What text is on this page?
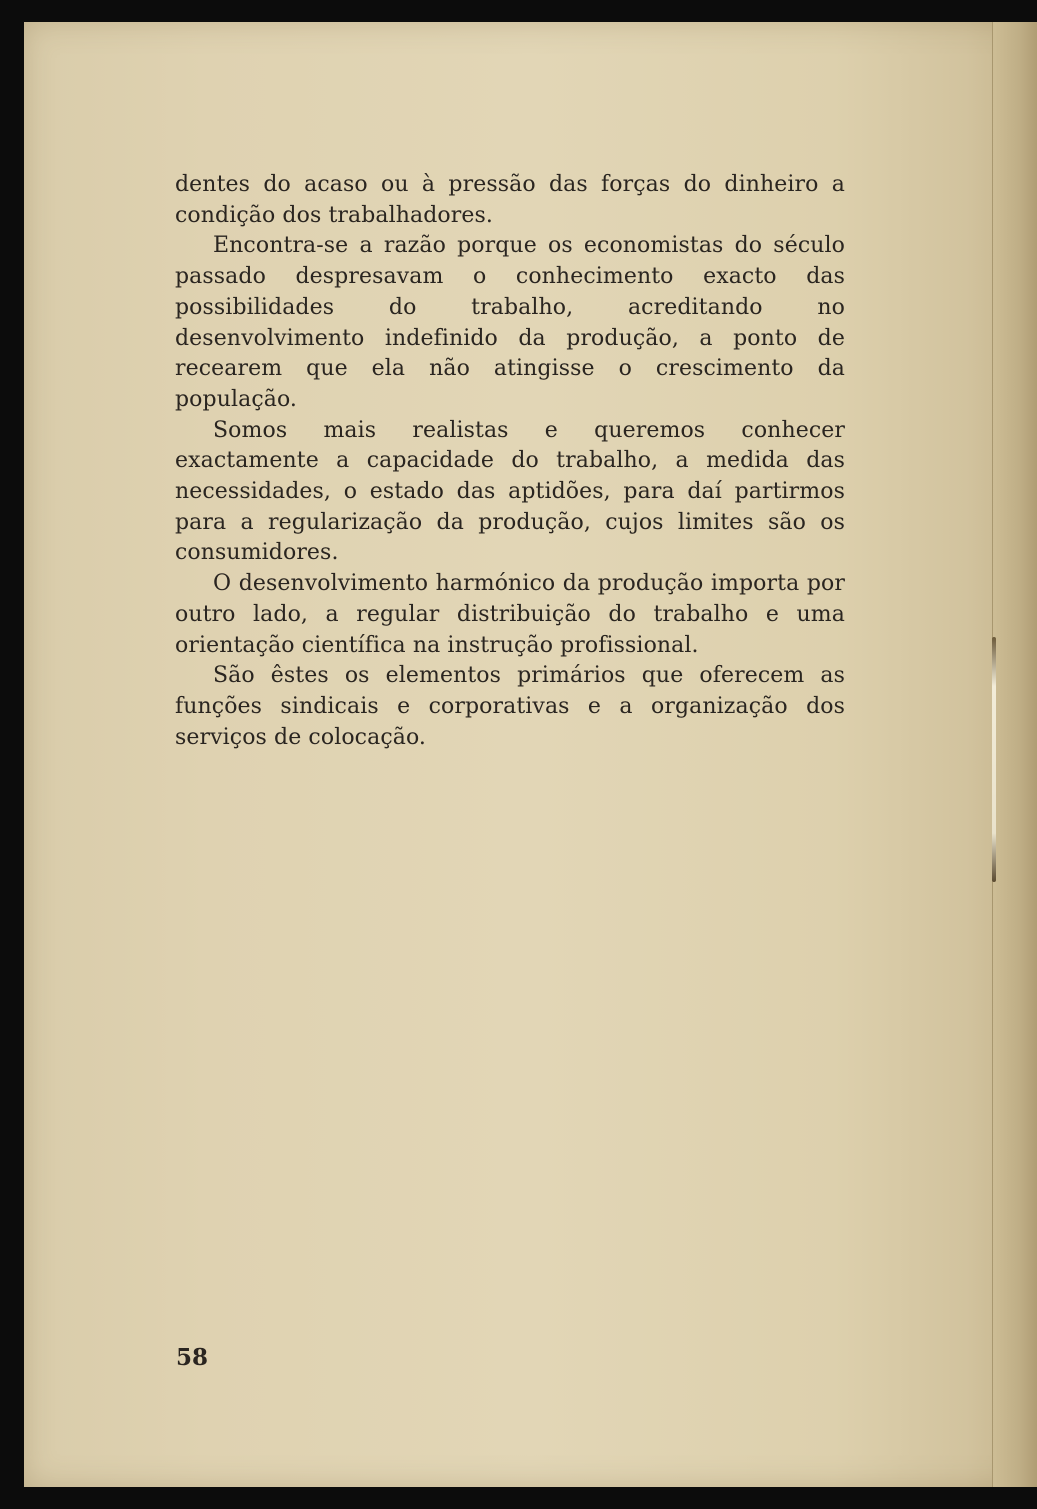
dentes do acaso ou à pressão das forças do dinheiro a condição dos trabalhadores.

Encontra-se a razão porque os economistas do século passado despresavam o conhecimento exacto das possibilidades do trabalho, acreditando no desenvolvimento indefinido da produção, a ponto de recearem que ela não atingisse o crescimento da população.

Somos mais realistas e queremos conhecer exactamente a capacidade do trabalho, a medida das necessidades, o estado das aptidões, para daí partirmos para a regularização da produção, cujos limites são os consumidores.

O desenvolvimento harmónico da produção importa por outro lado, a regular distribuição do trabalho e uma orientação científica na instrução profissional.

São êstes os elementos primários que oferecem as funções sindicais e corporativas e a organização dos serviços de colocação.

58
